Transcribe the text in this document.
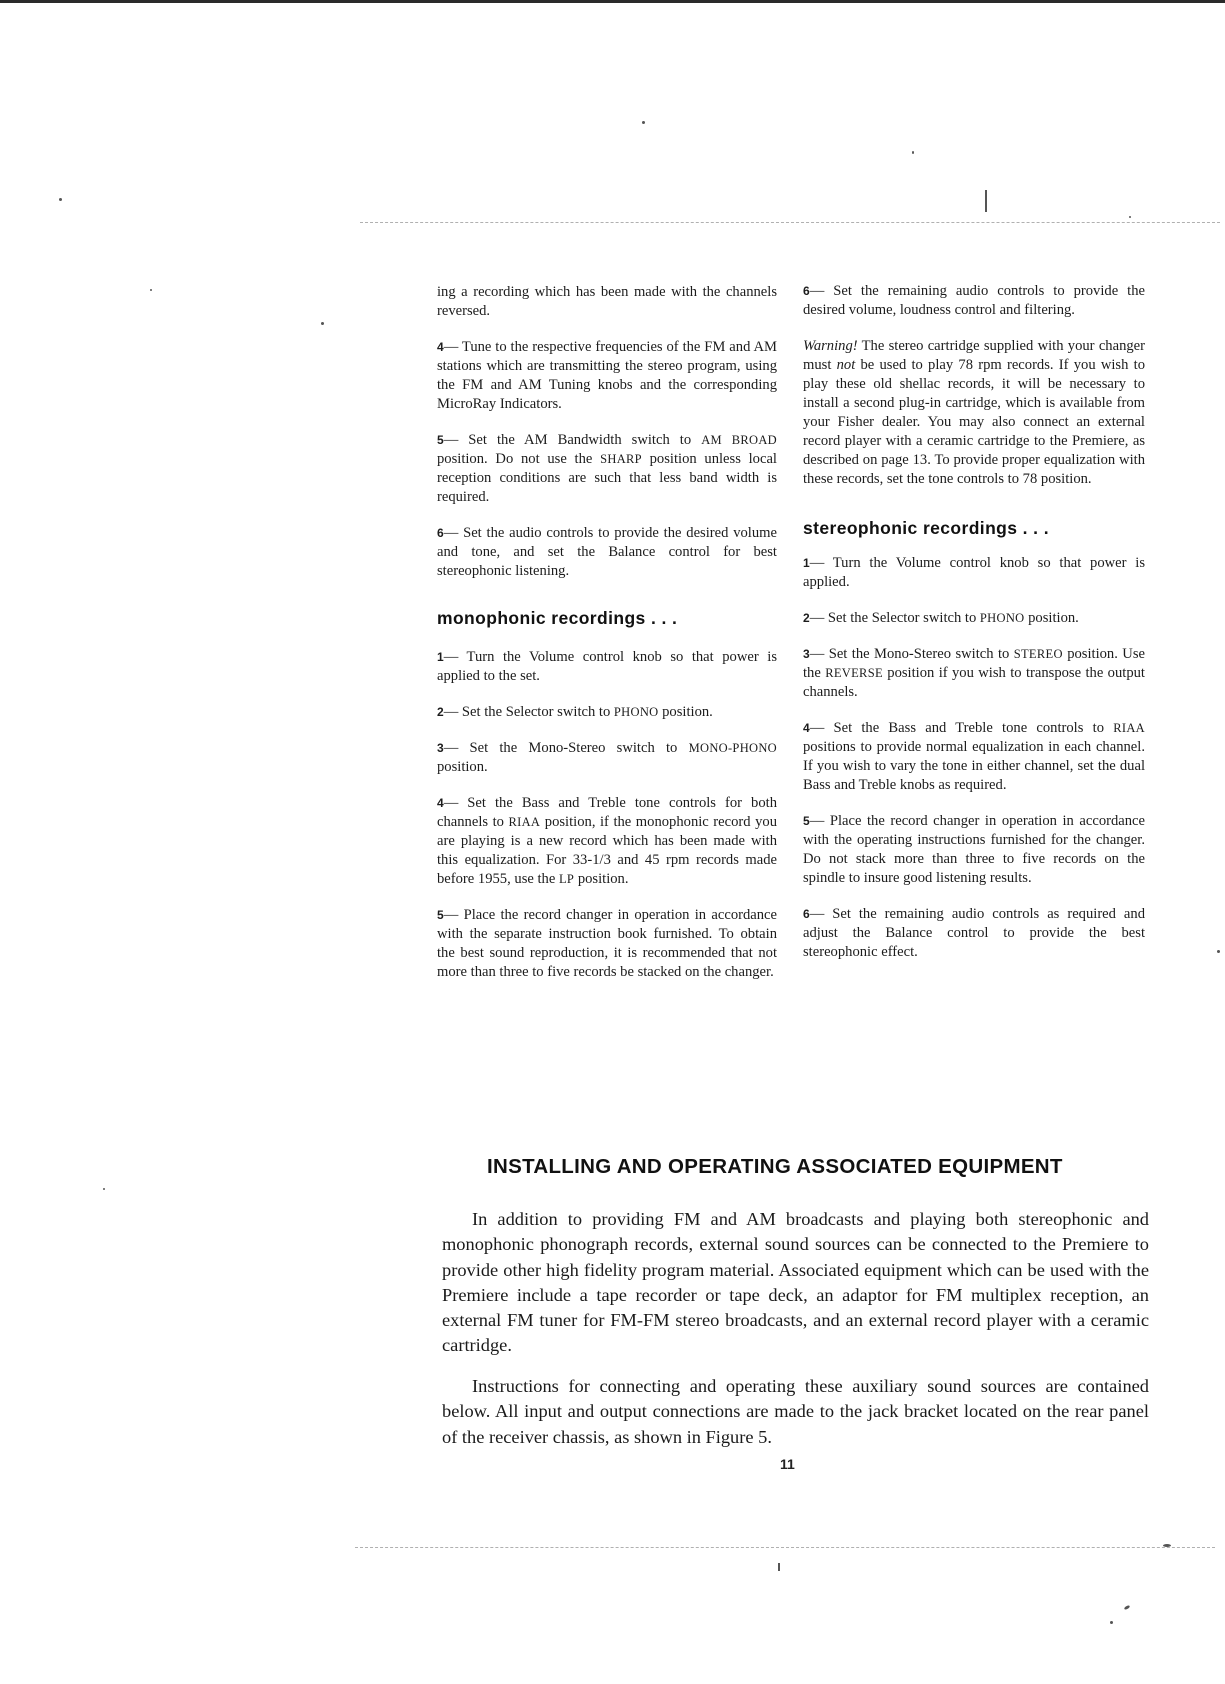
ing a recording which has been made with the channels reversed.

4— Tune to the respective frequencies of the FM and AM stations which are transmitting the stereo program, using the FM and AM Tuning knobs and the corresponding MicroRay Indicators.

5— Set the AM Bandwidth switch to AM BROAD position. Do not use the SHARP position unless local reception conditions are such that less band width is required.

6— Set the audio controls to provide the desired volume and tone, and set the Balance control for best stereophonic listening.

monophonic recordings . . .

1— Turn the Volume control knob so that power is applied to the set.

2— Set the Selector switch to PHONO position.

3— Set the Mono-Stereo switch to MONO-PHONO position.

4— Set the Bass and Treble tone controls for both channels to RIAA position, if the monophonic record you are playing is a new record which has been made with this equalization. For 33-1/3 and 45 rpm records made before 1955, use the LP position.

5— Place the record changer in operation in accordance with the separate instruction book furnished. To obtain the best sound reproduction, it is recommended that not more than three to five records be stacked on the changer.

6— Set the remaining audio controls to provide the desired volume, loudness control and filtering.

Warning! The stereo cartridge supplied with your changer must not be used to play 78 rpm records. If you wish to play these old shellac records, it will be necessary to install a second plug-in cartridge, which is available from your Fisher dealer. You may also connect an external record player with a ceramic cartridge to the Premiere, as described on page 13. To provide proper equalization with these records, set the tone controls to 78 position.

stereophonic recordings . . .

1— Turn the Volume control knob so that power is applied.

2— Set the Selector switch to PHONO position.

3— Set the Mono-Stereo switch to STEREO position. Use the REVERSE position if you wish to transpose the output channels.

4— Set the Bass and Treble tone controls to RIAA positions to provide normal equalization in each channel. If you wish to vary the tone in either channel, set the dual Bass and Treble knobs as required.

5— Place the record changer in operation in accordance with the operating instructions furnished for the changer. Do not stack more than three to five records on the spindle to insure good listening results.

6— Set the remaining audio controls as required and adjust the Balance control to provide the best stereophonic effect.

INSTALLING AND OPERATING ASSOCIATED EQUIPMENT
In addition to providing FM and AM broadcasts and playing both stereophonic and monophonic phonograph records, external sound sources can be connected to the Premiere to provide other high fidelity program material. Associated equipment which can be used with the Premiere include a tape recorder or tape deck, an adaptor for FM multiplex reception, an external FM tuner for FM-FM stereo broadcasts, and an external record player with a ceramic cartridge.
Instructions for connecting and operating these auxiliary sound sources are contained below. All input and output connections are made to the jack bracket located on the rear panel of the receiver chassis, as shown in Figure 5.
11
